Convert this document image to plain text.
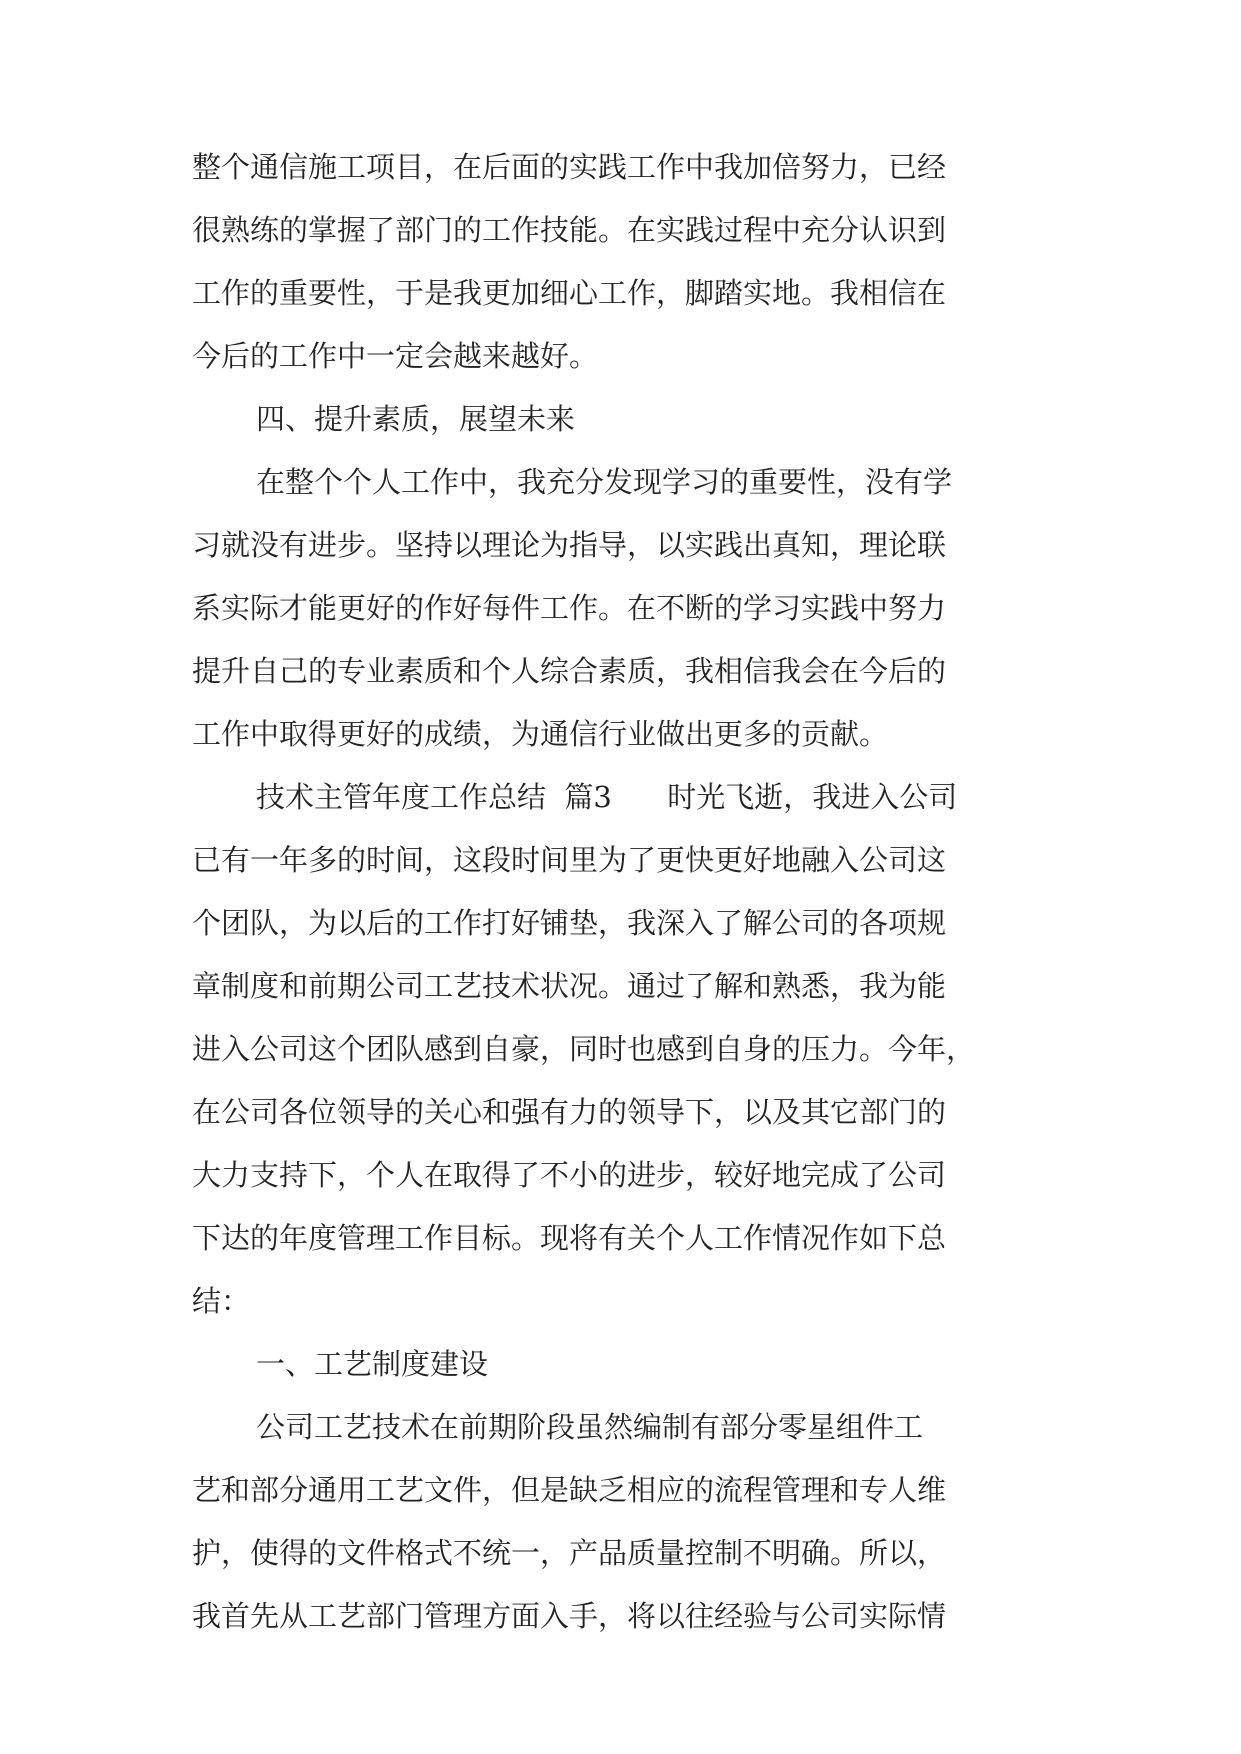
整个通信施工项目，在后面的实践工作中我加倍努力，已经
很熟练的掌握了部门的工作技能。在实践过程中充分认识到
工作的重要性，于是我更加细心工作，脚踏实地。我相信在
今后的工作中一定会越来越好。
四、提升素质，展望未来
在整个个人工作中，我充分发现学习的重要性，没有学
习就没有进步。坚持以理论为指导，以实践出真知，理论联
系实际才能更好的作好每件工作。在不断的学习实践中努力
提升自己的专业素质和个人综合素质，我相信我会在今后的
工作中取得更好的成绩，为通信行业做出更多的贡献。
技术主管年度工作总结  篇3      时光飞逝，我进入公司
已有一年多的时间，这段时间里为了更快更好地融入公司这
个团队，为以后的工作打好铺垫，我深入了解公司的各项规
章制度和前期公司工艺技术状况。通过了解和熟悉，我为能
进入公司这个团队感到自豪，同时也感到自身的压力。今年，
在公司各位领导的关心和强有力的领导下，以及其它部门的
大力支持下，个人在取得了不小的进步，较好地完成了公司
下达的年度管理工作目标。现将有关个人工作情况作如下总
结：
一、工艺制度建设
公司工艺技术在前期阶段虽然编制有部分零星组件工
艺和部分通用工艺文件，但是缺乏相应的流程管理和专人维
护，使得的文件格式不统一，产品质量控制不明确。所以，
我首先从工艺部门管理方面入手，将以往经验与公司实际情
